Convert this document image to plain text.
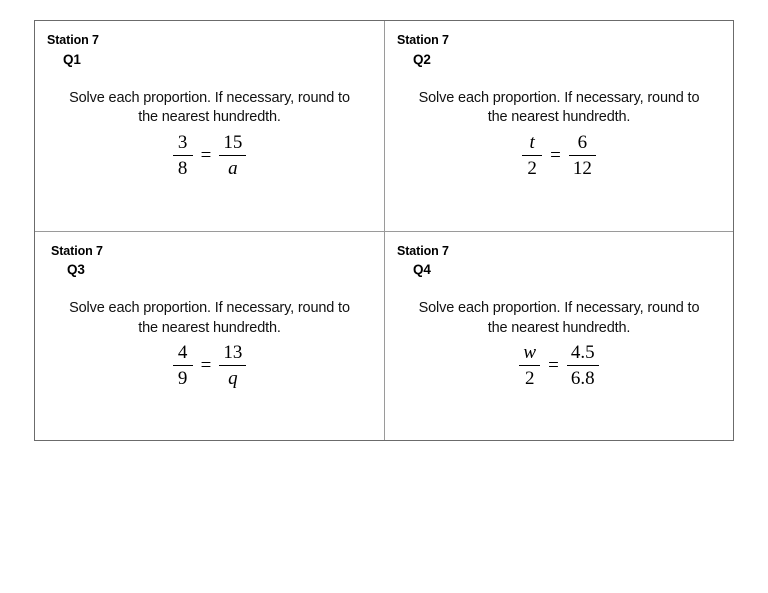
Station 7
Q1
Solve each proportion. If necessary, round to the nearest hundredth.
$\frac{3}{8} = \frac{15}{a}$
Station 7
Q2
Solve each proportion. If necessary, round to the nearest hundredth.
$\frac{t}{2} = \frac{6}{12}$
Station 7
Q3
Solve each proportion. If necessary, round to the nearest hundredth.
$\frac{4}{9} = \frac{13}{q}$
Station 7
Q4
Solve each proportion. If necessary, round to the nearest hundredth.
$\frac{w}{2} = \frac{4.5}{6.8}$
